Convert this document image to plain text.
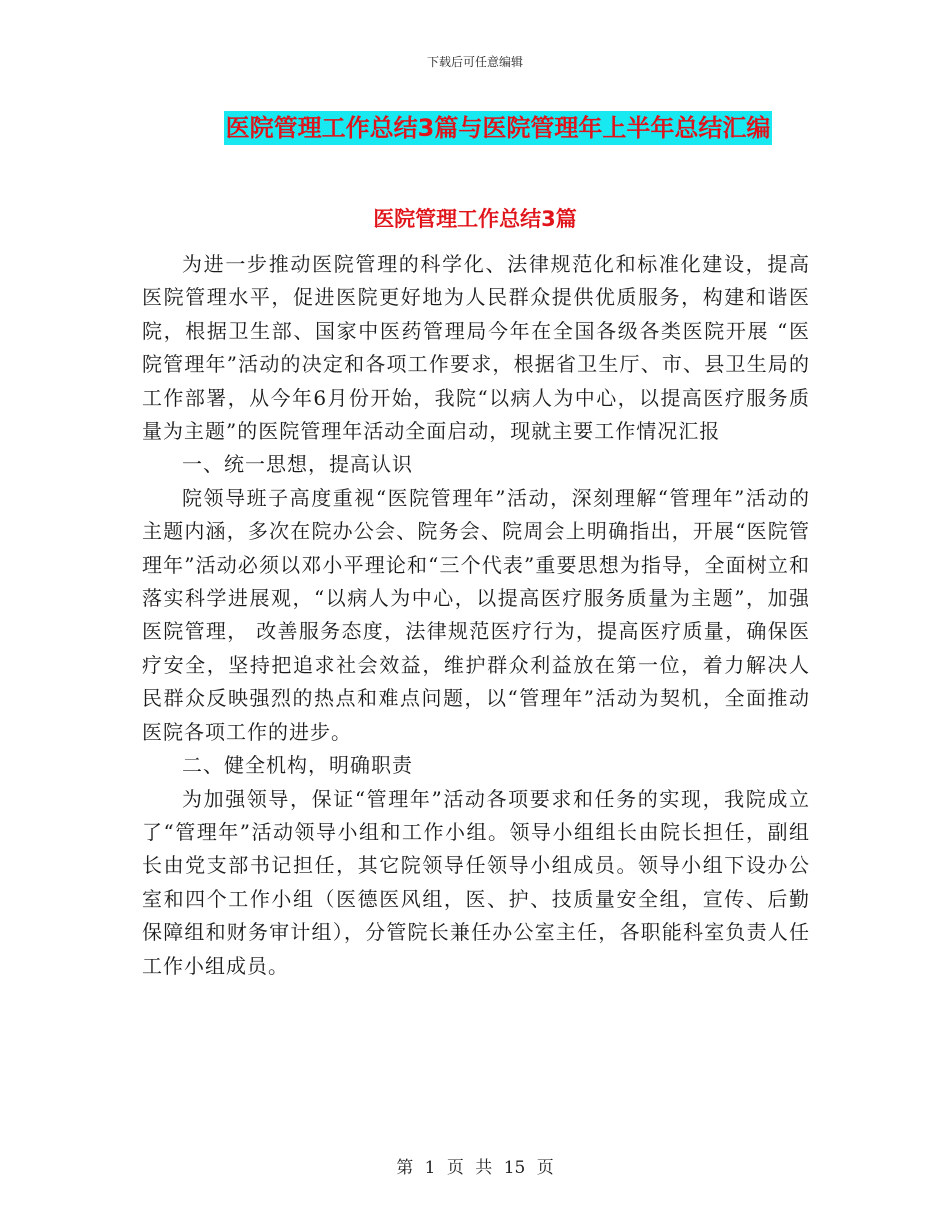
下载后可任意编辑
医院管理工作总结3篇与医院管理年上半年总结汇编
医院管理工作总结3篇

为进一步推动医院管理的科学化、法律规范化和标准化建设，提高医院管理水平，促进医院更好地为人民群众提供优质服务，构建和谐医院，根据卫生部、国家中医药管理局今年在全国各级各类医院开展 “医院管理年”活动的决定和各项工作要求，根据省卫生厅、市、县卫生局的工作部署，从今年6月份开始，我院“以病人为中心，以提高医疗服务质量为主题”的医院管理年活动全面启动，现就主要工作情况汇报

一、统一思想，提高认识

院领导班子高度重视“医院管理年”活动，深刻理解“管理年”活动的主题内涵，多次在院办公会、院务会、院周会上明确指出，开展“医院管理年”活动必须以邓小平理论和“三个代表”重要思想为指导，全面树立和落实科学进展观，“以病人为中心，以提高医疗服务质量为主题”，加强医院管理， 改善服务态度，法律规范医疗行为，提高医疗质量，确保医疗安全，坚持把追求社会效益，维护群众利益放在第一位，着力解决人民群众反映强烈的热点和难点问题，以“管理年”活动为契机，全面推动医院各项工作的进步。

二、健全机构，明确职责

为加强领导，保证“管理年”活动各项要求和任务的实现，我院成立了“管理年”活动领导小组和工作小组。领导小组组长由院长担任，副组长由党支部书记担任，其它院领导任领导小组成员。领导小组下设办公室和四个工作小组（医德医风组，医、护、技质量安全组，宣传、后勤保障组和财务审计组），分管院长兼任办公室主任，各职能科室负责人任工作小组成员。

第 1 页 共 15 页
